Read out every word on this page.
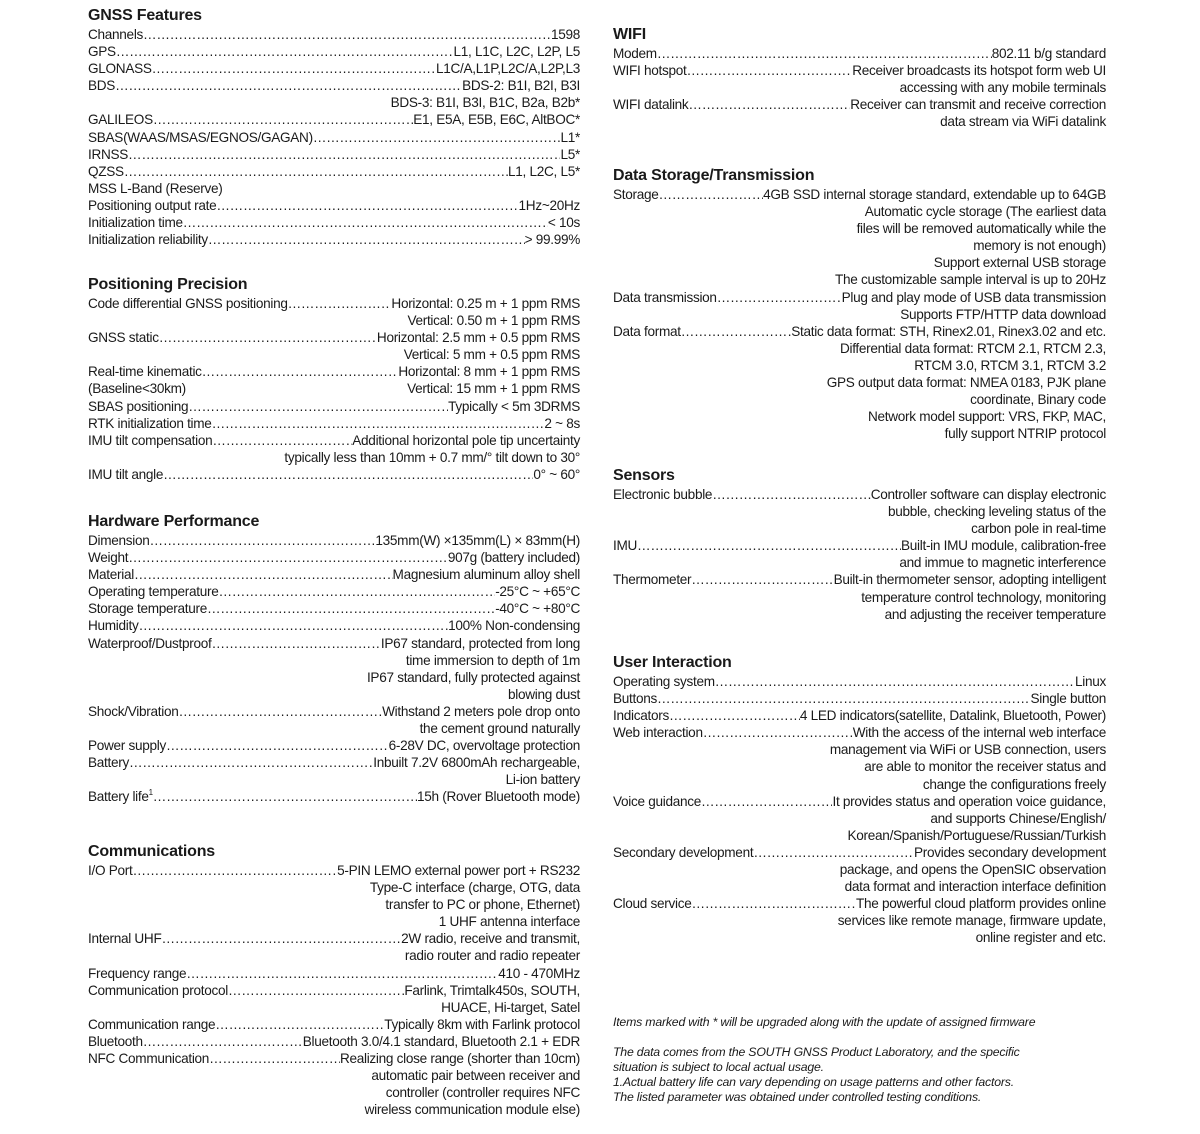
GNSS Features
Channels ……………………………………………………………………………………………………………………………………………………………………………………………………	1598
GPS ……………………………………………………………………………………………………………………………………………………………………………………………………	L1, L1C, L2C, L2P, L5
GLONASS ……………………………………………………………………………………………………………………………………………………………………………………………………	L1C/A,L1P,L2C/A,L2P,L3
BDS ……………………………………………………………………………………………………………………………………………………………………………………………………	BDS-2: B1I, B2I, B3I
BDS-3: B1I, B3I, B1C, B2a, B2b*
GALILEOS ……………………………………………………………………………………………………………………………………………………………………………………………………	E1, E5A, E5B, E6C, AltBOC*
SBAS(WAAS/MSAS/EGNOS/GAGAN) ……………………………………………………………………………………………………………………………………………………………………………………………………	L1*
IRNSS ……………………………………………………………………………………………………………………………………………………………………………………………………	L5*
QZSS ……………………………………………………………………………………………………………………………………………………………………………………………………	L1, L2C, L5*
MSS L-Band (Reserve)
Positioning output rate ……………………………………………………………………………………………………………………………………………………………………………………………………	1Hz~20Hz
Initialization time ……………………………………………………………………………………………………………………………………………………………………………………………………	< 10s
Initialization reliability ……………………………………………………………………………………………………………………………………………………………………………………………………	> 99.99%
Positioning Precision
Code differential GNSS positioning ……………………………………………………………………………………………………………………………………………………………………………………………………	Horizontal: 0.25 m + 1 ppm RMS
Vertical: 0.50 m + 1 ppm RMS
GNSS static ……………………………………………………………………………………………………………………………………………………………………………………………………	Horizontal: 2.5 mm + 0.5 ppm RMS
Vertical: 5 mm + 0.5 ppm RMS
Real-time kinematic ……………………………………………………………………………………………………………………………………………………………………………………………………	Horizontal: 8 mm + 1 ppm RMS
(Baseline<30km)	Vertical: 15 mm + 1 ppm RMS
SBAS positioning ……………………………………………………………………………………………………………………………………………………………………………………………………	Typically < 5m 3DRMS
RTK initialization time ……………………………………………………………………………………………………………………………………………………………………………………………………	2 ~ 8s
IMU tilt compensation ……………………………………………………………………………………………………………………………………………………………………………………………………	Additional horizontal pole tip uncertainty
typically less than 10mm + 0.7 mm/° tilt down to 30°
IMU tilt angle ……………………………………………………………………………………………………………………………………………………………………………………………………	0° ~ 60°
Hardware Performance
Dimension ……………………………………………………………………………………………………………………………………………………………………………………………………	135mm(W) ×135mm(L) × 83mm(H)
Weight ……………………………………………………………………………………………………………………………………………………………………………………………………	907g (battery included)
Material ……………………………………………………………………………………………………………………………………………………………………………………………………	Magnesium aluminum alloy shell
Operating temperature ……………………………………………………………………………………………………………………………………………………………………………………………………	-25°C ~ +65°C
Storage temperature ……………………………………………………………………………………………………………………………………………………………………………………………………	-40°C ~ +80°C
Humidity ……………………………………………………………………………………………………………………………………………………………………………………………………	100% Non-condensing
Waterproof/Dustproof ……………………………………………………………………………………………………………………………………………………………………………………………………	IP67 standard, protected from long
time immersion to depth of 1m
IP67 standard, fully protected against
blowing dust
Shock/Vibration ……………………………………………………………………………………………………………………………………………………………………………………………………	Withstand 2 meters pole drop onto
the cement ground naturally
Power supply ……………………………………………………………………………………………………………………………………………………………………………………………………	6-28V DC, overvoltage protection
Battery ……………………………………………………………………………………………………………………………………………………………………………………………………	Inbuilt 7.2V 6800mAh rechargeable,
Li-ion battery
Battery life 1 ……………………………………………………………………………………………………………………………………………………………………………………………………	15h (Rover Bluetooth mode)
Communications
I/O Port ……………………………………………………………………………………………………………………………………………………………………………………………………	5-PIN LEMO external power port + RS232
Type-C interface (charge, OTG, data
transfer to PC or phone, Ethernet)
1 UHF antenna interface
Internal UHF ……………………………………………………………………………………………………………………………………………………………………………………………………	2W radio, receive and transmit,
radio router and radio repeater
Frequency range ……………………………………………………………………………………………………………………………………………………………………………………………………	410 - 470MHz
Communication protocol ……………………………………………………………………………………………………………………………………………………………………………………………………	Farlink, Trimtalk450s, SOUTH,
HUACE, Hi-target, Satel
Communication range ……………………………………………………………………………………………………………………………………………………………………………………………………	Typically 8km with Farlink protocol
Bluetooth ……………………………………………………………………………………………………………………………………………………………………………………………………	Bluetooth 3.0/4.1 standard, Bluetooth 2.1 + EDR
NFC Communication ……………………………………………………………………………………………………………………………………………………………………………………………………	Realizing close range (shorter than 10cm)
automatic pair between receiver and
controller (controller requires NFC
wireless communication module else)
WIFI
Modem ……………………………………………………………………………………………………………………………………………………………………………………………………	802.11 b/g standard
WIFI hotspot ……………………………………………………………………………………………………………………………………………………………………………………………………	Receiver broadcasts its hotspot form web UI
accessing with any mobile terminals
WIFI datalink ……………………………………………………………………………………………………………………………………………………………………………………………………	Receiver can transmit and receive correction
data stream via WiFi datalink
Data Storage/Transmission
Storage ……………………………………………………………………………………………………………………………………………………………………………………………………	4GB SSD internal storage standard, extendable up to 64GB
Automatic cycle storage (The earliest data
files will be removed automatically while the
memory is not enough)
Support external USB storage
The customizable sample interval is up to 20Hz
Data transmission ……………………………………………………………………………………………………………………………………………………………………………………………………	Plug and play mode of USB data transmission
Supports FTP/HTTP data download
Data format ……………………………………………………………………………………………………………………………………………………………………………………………………	Static data format: STH, Rinex2.01, Rinex3.02 and etc.
Differential data format: RTCM 2.1, RTCM 2.3,
RTCM 3.0, RTCM 3.1, RTCM 3.2
GPS output data format: NMEA 0183, PJK plane
coordinate, Binary code
Network model support: VRS, FKP, MAC,
fully support NTRIP protocol
Sensors
Electronic bubble ……………………………………………………………………………………………………………………………………………………………………………………………………	Controller software can display electronic
bubble, checking leveling status of the
carbon pole in real-time
IMU ……………………………………………………………………………………………………………………………………………………………………………………………………	Built-in IMU module, calibration-free
and immue to magnetic interference
Thermometer ……………………………………………………………………………………………………………………………………………………………………………………………………	Built-in thermometer sensor, adopting intelligent
temperature control technology, monitoring
and adjusting the receiver temperature
User Interaction
Operating system ……………………………………………………………………………………………………………………………………………………………………………………………………	Linux
Buttons ……………………………………………………………………………………………………………………………………………………………………………………………………	Single button
Indicators ……………………………………………………………………………………………………………………………………………………………………………………………………	4 LED indicators(satellite, Datalink, Bluetooth, Power)
Web interaction ……………………………………………………………………………………………………………………………………………………………………………………………………	With the access of the internal web interface
management via WiFi or USB connection, users
are able to monitor the receiver status and
change the configurations freely
Voice guidance ……………………………………………………………………………………………………………………………………………………………………………………………………	It provides status and operation voice guidance,
and supports Chinese/English/
Korean/Spanish/Portuguese/Russian/Turkish
Secondary development ……………………………………………………………………………………………………………………………………………………………………………………………………	Provides secondary development
package, and opens the OpenSIC observation
data format and interaction interface definition
Cloud service ……………………………………………………………………………………………………………………………………………………………………………………………………	The powerful cloud platform provides online
services like remote manage, firmware update,
online register and etc.

Items marked with * will be upgraded along with the update of assigned firmware

The data comes from the SOUTH GNSS Product Laboratory, and the specific

situation is subject to local actual usage.

1.Actual battery life can vary depending on usage patterns and other factors.

The listed parameter was obtained under controlled testing conditions.
